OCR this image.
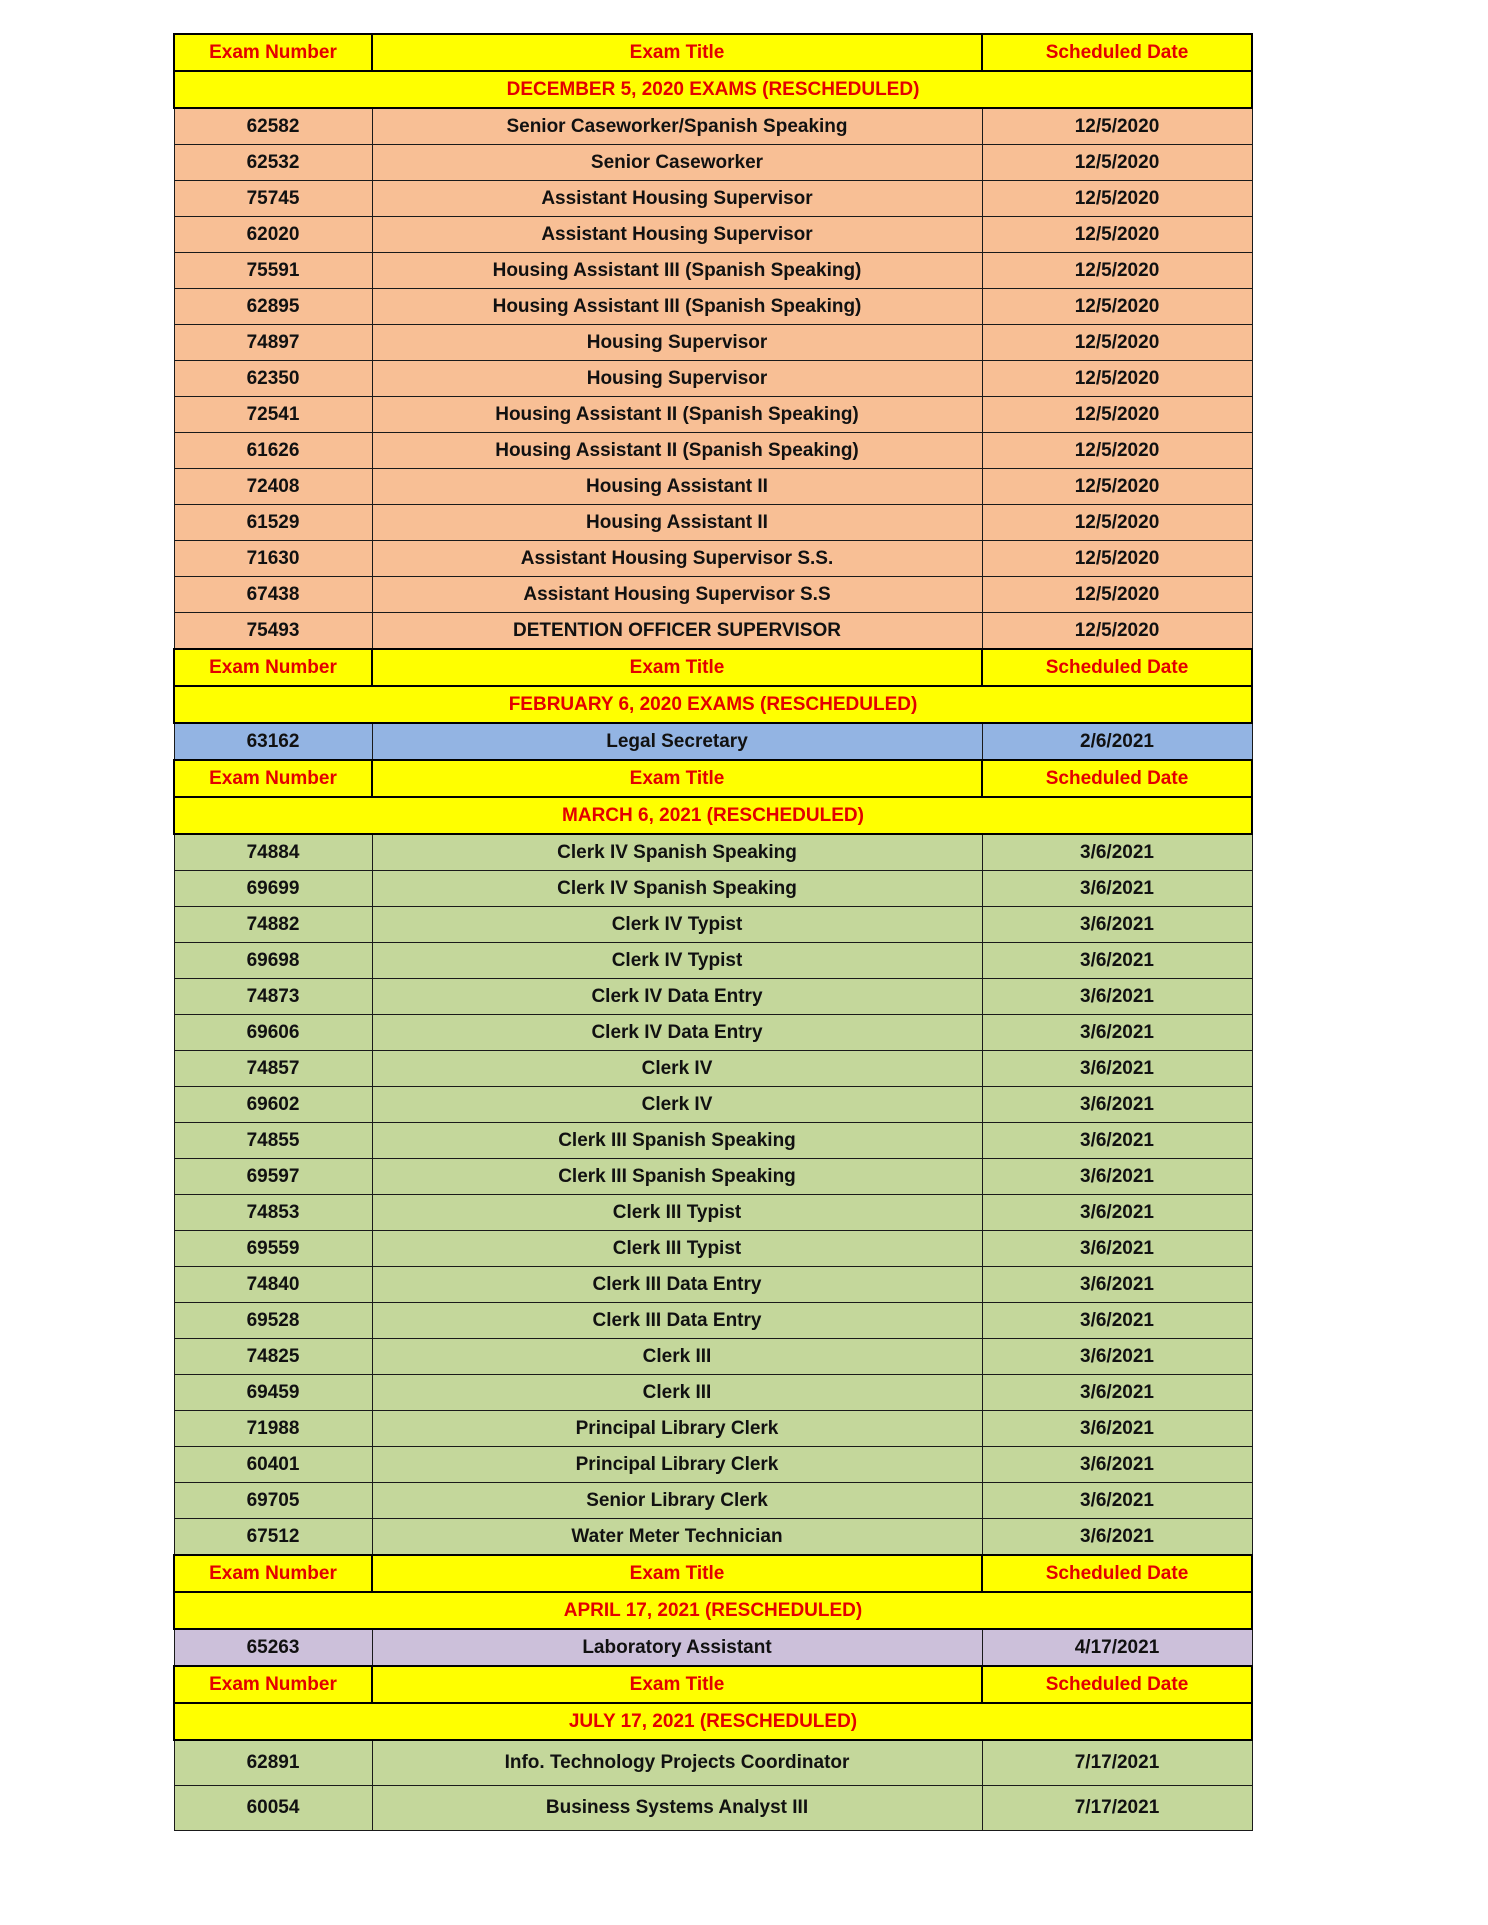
Exam Number	Exam Title	Scheduled Date
DECEMBER 5, 2020 EXAMS (RESCHEDULED)		
62582	Senior Caseworker/Spanish Speaking	12/5/2020
62532	Senior Caseworker	12/5/2020
75745	Assistant Housing Supervisor	12/5/2020
62020	Assistant Housing Supervisor	12/5/2020
75591	Housing Assistant III (Spanish Speaking)	12/5/2020
62895	Housing Assistant III (Spanish Speaking)	12/5/2020
74897	Housing Supervisor	12/5/2020
62350	Housing Supervisor	12/5/2020
72541	Housing Assistant II (Spanish Speaking)	12/5/2020
61626	Housing Assistant II (Spanish Speaking)	12/5/2020
72408	Housing Assistant II	12/5/2020
61529	Housing Assistant II	12/5/2020
71630	Assistant Housing Supervisor S.S.	12/5/2020
67438	Assistant Housing Supervisor S.S	12/5/2020
75493	DETENTION OFFICER SUPERVISOR	12/5/2020
Exam Number	Exam Title	Scheduled Date
FEBRUARY 6, 2020 EXAMS (RESCHEDULED)		
63162	Legal Secretary	2/6/2021
Exam Number	Exam Title	Scheduled Date
MARCH 6, 2021 (RESCHEDULED)		
74884	Clerk IV Spanish Speaking	3/6/2021
69699	Clerk IV Spanish Speaking	3/6/2021
74882	Clerk IV Typist	3/6/2021
69698	Clerk IV Typist	3/6/2021
74873	Clerk IV Data Entry	3/6/2021
69606	Clerk IV Data Entry	3/6/2021
74857	Clerk IV	3/6/2021
69602	Clerk IV	3/6/2021
74855	Clerk III Spanish Speaking	3/6/2021
69597	Clerk III Spanish Speaking	3/6/2021
74853	Clerk III Typist	3/6/2021
69559	Clerk III Typist	3/6/2021
74840	Clerk III Data Entry	3/6/2021
69528	Clerk III Data Entry	3/6/2021
74825	Clerk III	3/6/2021
69459	Clerk III	3/6/2021
71988	Principal Library Clerk	3/6/2021
60401	Principal Library Clerk	3/6/2021
69705	Senior Library Clerk	3/6/2021
67512	Water Meter Technician	3/6/2021
Exam Number	Exam Title	Scheduled Date
APRIL 17, 2021 (RESCHEDULED)		
65263	Laboratory Assistant	4/17/2021
Exam Number	Exam Title	Scheduled Date
JULY 17, 2021 (RESCHEDULED)		
62891	Info. Technology Projects Coordinator	7/17/2021
60054	Business Systems Analyst III	7/17/2021
